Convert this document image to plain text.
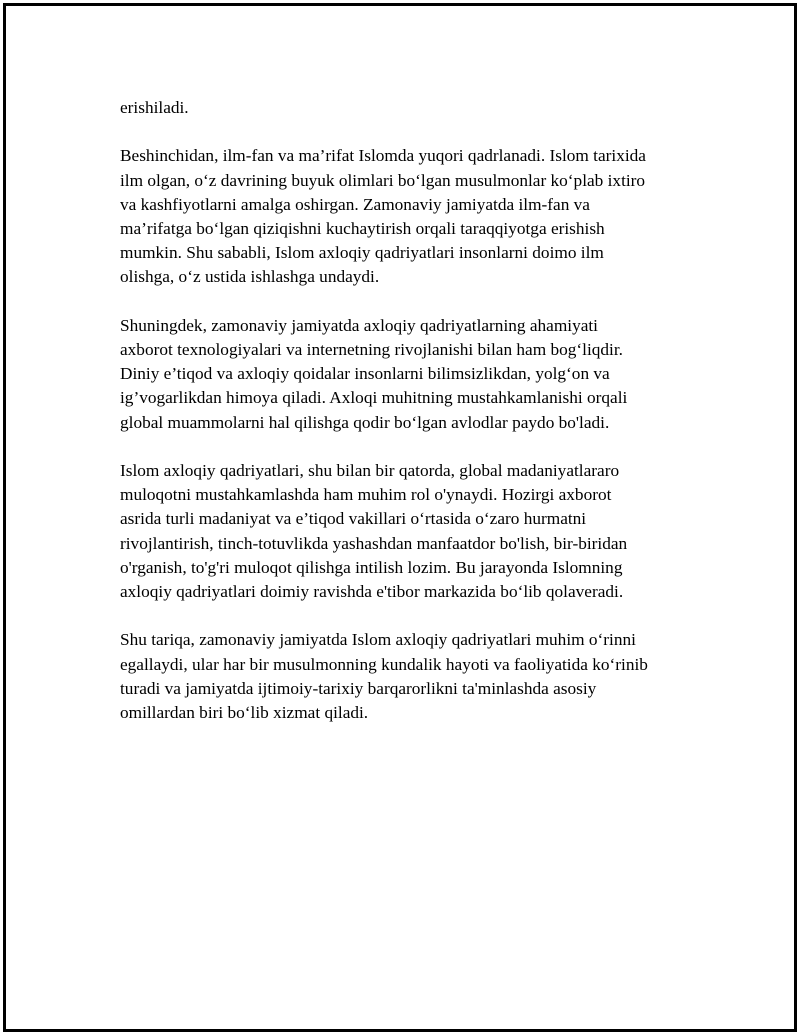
erishiladi.

Beshinchidan, ilm-fan va ma’rifat Islomda yuqori qadrlanadi. Islom tarixida
ilm olgan, o‘z davrining buyuk olimlari bo‘lgan musulmonlar ko‘plab ixtiro
va kashfiyotlarni amalga oshirgan. Zamonaviy jamiyatda ilm-fan va
ma’rifatga bo‘lgan qiziqishni kuchaytirish orqali taraqqiyotga erishish
mumkin. Shu sababli, Islom axloqiy qadriyatlari insonlarni doimo ilm
olishga, o‘z ustida ishlashga undaydi.

Shuningdek, zamonaviy jamiyatda axloqiy qadriyatlarning ahamiyati
axborot texnologiyalari va internetning rivojlanishi bilan ham bog‘liqdir.
Diniy e’tiqod va axloqiy qoidalar insonlarni bilimsizlikdan, yolg‘on va
ig’vogarlikdan himoya qiladi. Axloqi muhitning mustahkamlanishi orqali
global muammolarni hal qilishga qodir bo‘lgan avlodlar paydo bo'ladi.

Islom axloqiy qadriyatlari, shu bilan bir qatorda, global madaniyatlararo
muloqotni mustahkamlashda ham muhim rol o'ynaydi. Hozirgi axborot
asrida turli madaniyat va e’tiqod vakillari o‘rtasida o‘zaro hurmatni
rivojlantirish, tinch-totuvlikda yashashdan manfaatdor bo'lish, bir-biridan
o'rganish, to'g'ri muloqot qilishga intilish lozim. Bu jarayonda Islomning
axloqiy qadriyatlari doimiy ravishda e'tibor markazida bo‘lib qolaveradi.

Shu tariqa, zamonaviy jamiyatda Islom axloqiy qadriyatlari muhim o‘rinni
egallaydi, ular har bir musulmonning kundalik hayoti va faoliyatida ko‘rinib
turadi va jamiyatda ijtimoiy-tarixiy barqarorlikni ta'minlashda asosiy
omillardan biri bo‘lib xizmat qiladi.
